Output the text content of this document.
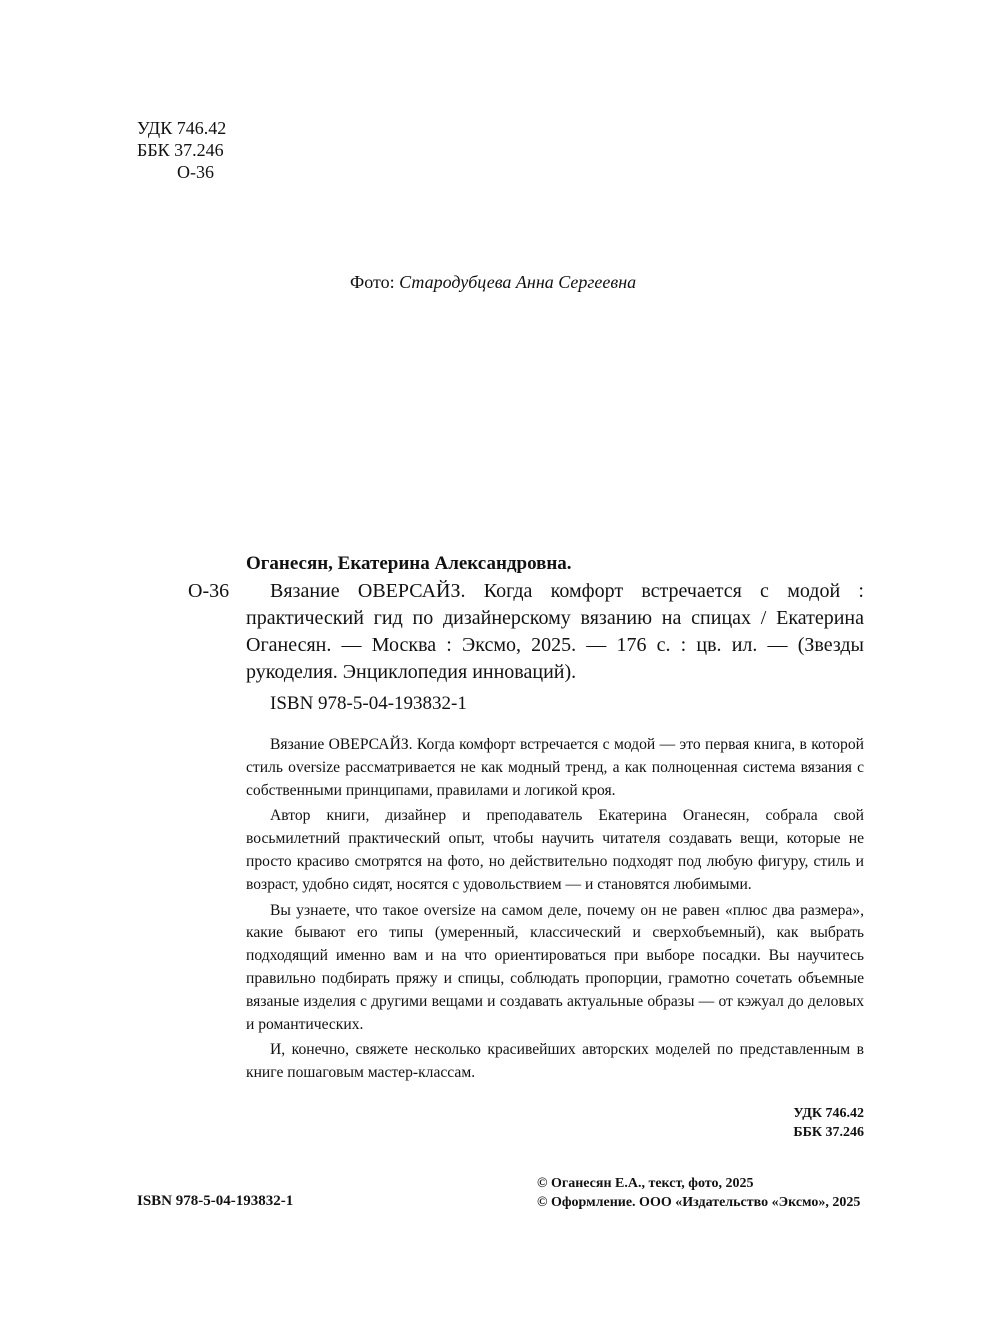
УДК 746.42
ББК 37.246
О-36
Фото: Стародубцева Анна Сергеевна
Оганесян, Екатерина Александровна.
О-36	Вязание ОВЕРСАЙЗ. Когда комфорт встречается с модой : практический гид по дизайнерскому вязанию на спицах / Екатерина Оганесян. — Москва : Эксмо, 2025. — 176 с. : цв. ил. — (Звезды рукоделия. Энциклопедия инноваций).

ISBN 978-5-04-193832-1

Вязание ОВЕРСАЙЗ. Когда комфорт встречается с модой — это первая книга, в которой стиль oversize рассматривается не как модный тренд, а как полноценная система вязания с собственными принципами, правилами и логикой кроя.

Автор книги, дизайнер и преподаватель Екатерина Оганесян, собрала свой восьмилетний практический опыт, чтобы научить читателя создавать вещи, которые не просто красиво смотрятся на фото, но действительно подходят под любую фигуру, стиль и возраст, удобно сидят, носятся с удовольствием — и становятся любимыми.

Вы узнаете, что такое oversize на самом деле, почему он не равен «плюс два размера», какие бывают его типы (умеренный, классический и сверхобъемный), как выбрать подходящий именно вам и на что ориентироваться при выборе посадки. Вы научитесь правильно подбирать пряжу и спицы, соблюдать пропорции, грамотно сочетать объемные вязаные изделия с другими вещами и создавать актуальные образы — от кэжуал до деловых и романтических.

И, конечно, свяжете несколько красивейших авторских моделей по представленным в книге пошаговым мастер-классам.

УДК 746.42
ББК 37.246
ISBN 978-5-04-193832-1
© Оганесян Е.А., текст, фото, 2025
© Оформление. ООО «Издательство «Эксмо», 2025
